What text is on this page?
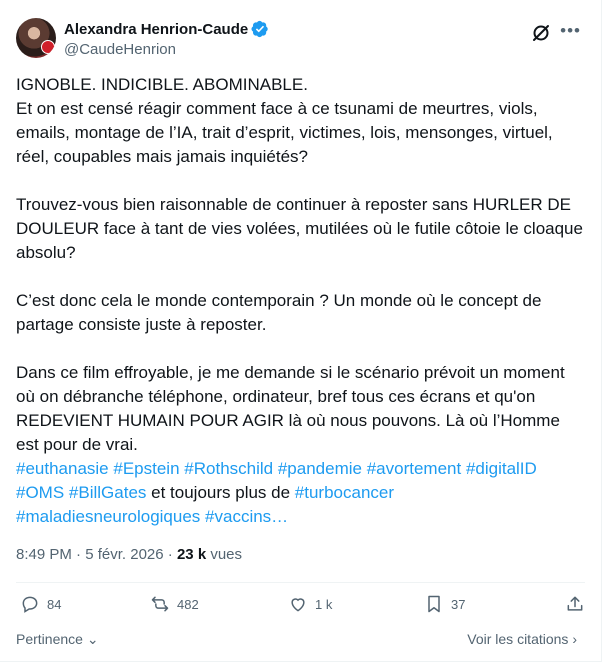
Alexandra Henrion-Caude
@CaudeHenrion
•••
IGNOBLE. INDICIBLE. ABOMINABLE.
Et on est censé réagir comment face à ce tsunami de meurtres, viols, emails, montage de l’IA, trait d’esprit, victimes, lois, mensonges, virtuel, réel, coupables mais jamais inquiétés?

Trouvez-vous bien raisonnable de continuer à reposter sans HURLER DE DOULEUR face à tant de vies volées, mutilées où le futile côtoie le cloaque absolu?

C’est donc cela le monde contemporain ? Un monde où le concept de partage consiste juste à reposter.

Dans ce film effroyable, je me demande si le scénario prévoit un moment où on débranche téléphone, ordinateur, bref tous ces écrans et qu'on REDEVIENT HUMAIN POUR AGIR là où nous pouvons. Là où l’Homme est pour de vrai.
#euthanasie #Epstein #Rothschild #pandemie #avortement #digitalID
#OMS #BillGates et toujours plus de #turbocancer
#maladiesneurologiques #vaccins…
8:49 PM · 5 févr. 2026 · 23 k vues
84	482	1 k	37
Pertinence ⌄	Voir les citations ›
